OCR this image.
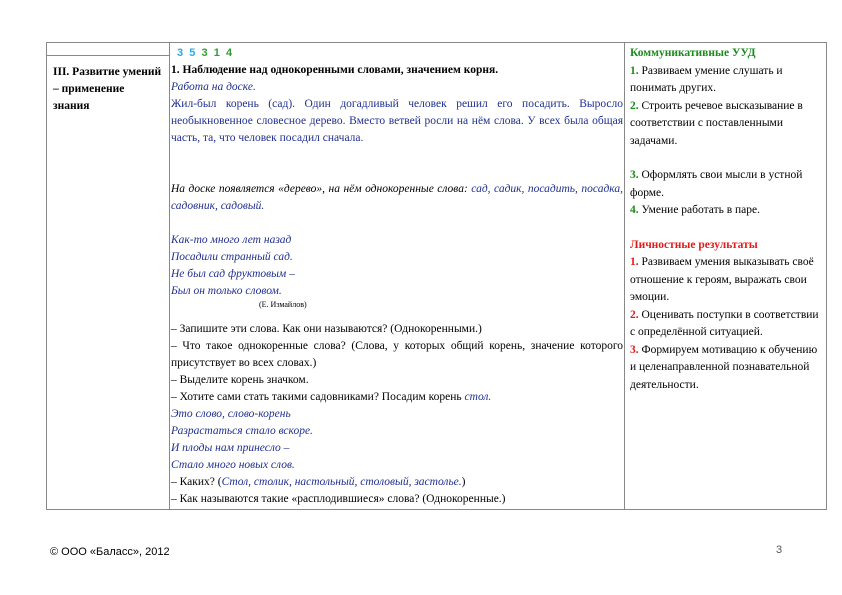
III. Развитие умений – применение знания
3 5 3 1 4

1. Наблюдение над однокоренными словами, значением корня.

Работа на доске.

Жил-был корень (сад). Один догадливый человек решил его посадить. Выросло необыкновенное словесное дерево. Вместо ветвей росли на нём слова. У всех была общая часть, та, что человек посадил сначала.

На доске появляется «дерево», на нём однокоренные слова: сад, садик, посадить, посадка, садовник, садовый.

Как-то много лет назад
Посадили странный сад.
Не был сад фруктовым –
Был он только словом.
(Е. Измайлов)

– Запишите эти слова. Как они называются? (Однокоренными.)

– Что такое однокоренные слова? (Слова, у которых общий корень, значение которого присутствует во всех словах.)

– Выделите корень значком.

– Хотите сами стать такими садовниками? Посадим корень стол.

Это слово, слово-корень
Разрастаться стало вскоре.
И плоды нам принесло –
Стало много новых слов.

– Каких? (Стол, столик, настольный, столовый, застолье.)

– Как называются такие «расплодившиеся» слова? (Однокоренные.)

Коммуникативные УУД
1. Развиваем умение слушать и понимать других.
2. Строить речевое высказывание в соответствии с поставленными задачами.
3. Оформлять свои мысли в устной форме.
4. Умение работать в паре.
Личностные результаты
1. Развиваем умения выказывать своё отношение к героям, выражать свои эмоции.
2. Оценивать поступки в соответствии с определённой ситуацией.
3. Формируем мотивацию к обучению и целенаправленной познавательной деятельности.
© ООО «Баласс», 2012	3
